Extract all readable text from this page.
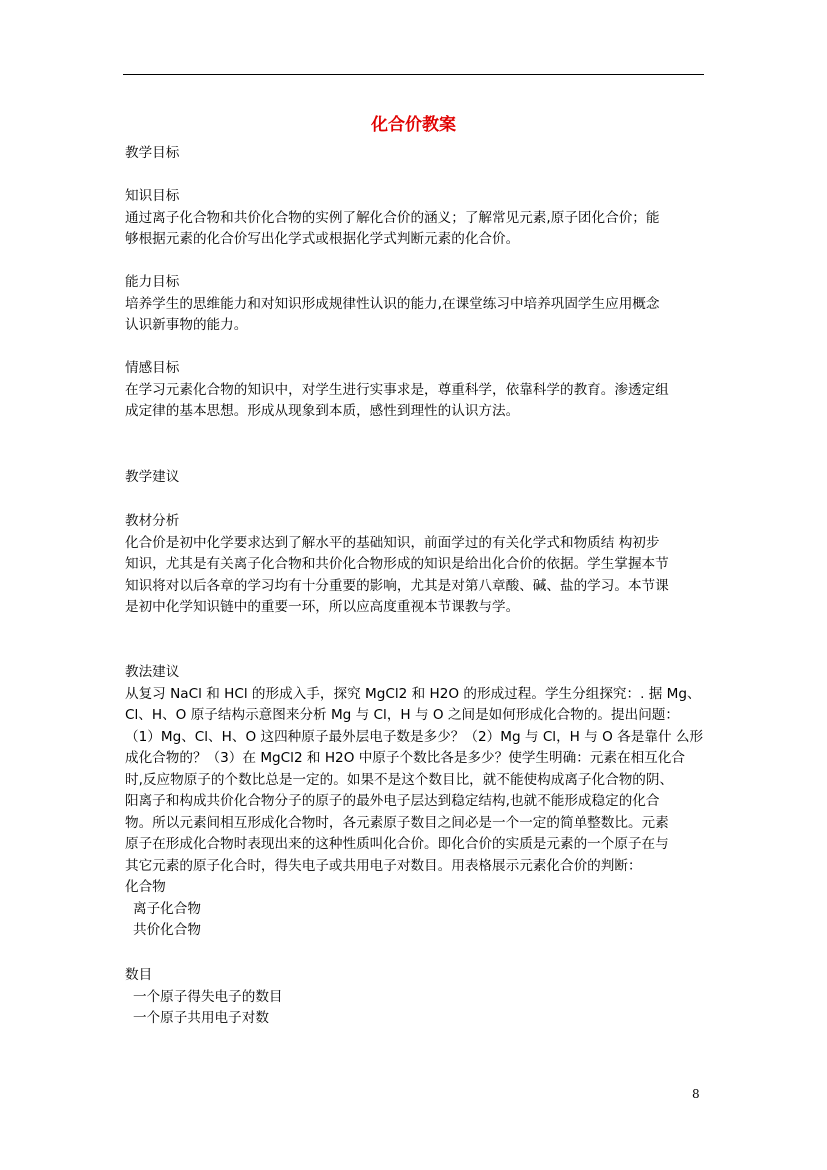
化合价教案
教学目标
知识目标
通过离子化合物和共价化合物的实例了解化合价的涵义；了解常见元素,原子团化合价；能
够根据元素的化合价写出化学式或根据化学式判断元素的化合价。
能力目标
培养学生的思维能力和对知识形成规律性认识的能力,在课堂练习中培养巩固学生应用概念
认识新事物的能力。
情感目标
在学习元素化合物的知识中，对学生进行实事求是，尊重科学，依靠科学的教育。渗透定组
成定律的基本思想。形成从现象到本质，感性到理性的认识方法。
教学建议
教材分析
化合价是初中化学要求达到了解水平的基础知识，前面学过的有关化学式和物质结 构初步
知识，尤其是有关离子化合物和共价化合物形成的知识是给出化合价的依据。学生掌握本节
知识将对以后各章的学习均有十分重要的影响，尤其是对第八章酸、碱、盐的学习。本节课
是初中化学知识链中的重要一环，所以应高度重视本节课教与学。
教法建议
从复习 NaCl 和 HCl 的形成入手，探究 MgCl2 和 H2O 的形成过程。学生分组探究：. 据 Mg、
Cl、H、O 原子结构示意图来分析 Mg 与 Cl，H 与 O 之间是如何形成化合物的。提出问题：
（1）Mg、Cl、H、O 这四种原子最外层电子数是多少？（2）Mg 与 Cl，H 与 O 各是靠什 么形
成化合物的？（3）在 MgCl2 和 H2O 中原子个数比各是多少？使学生明确：元素在相互化合
时,反应物原子的个数比总是一定的。如果不是这个数目比，就不能使构成离子化合物的阴、
阳离子和构成共价化合物分子的原子的最外电子层达到稳定结构,也就不能形成稳定的化合
物。所以元素间相互形成化合物时，各元素原子数目之间必是一个一定的简单整数比。元素
原子在形成化合物时表现出来的这种性质叫化合价。即化合价的实质是元素的一个原子在与
其它元素的原子化合时，得失电子或共用电子对数目。用表格展示元素化合价的判断：
化合物
离子化合物
共价化合物
数目
一个原子得失电子的数目
一个原子共用电子对数
8
